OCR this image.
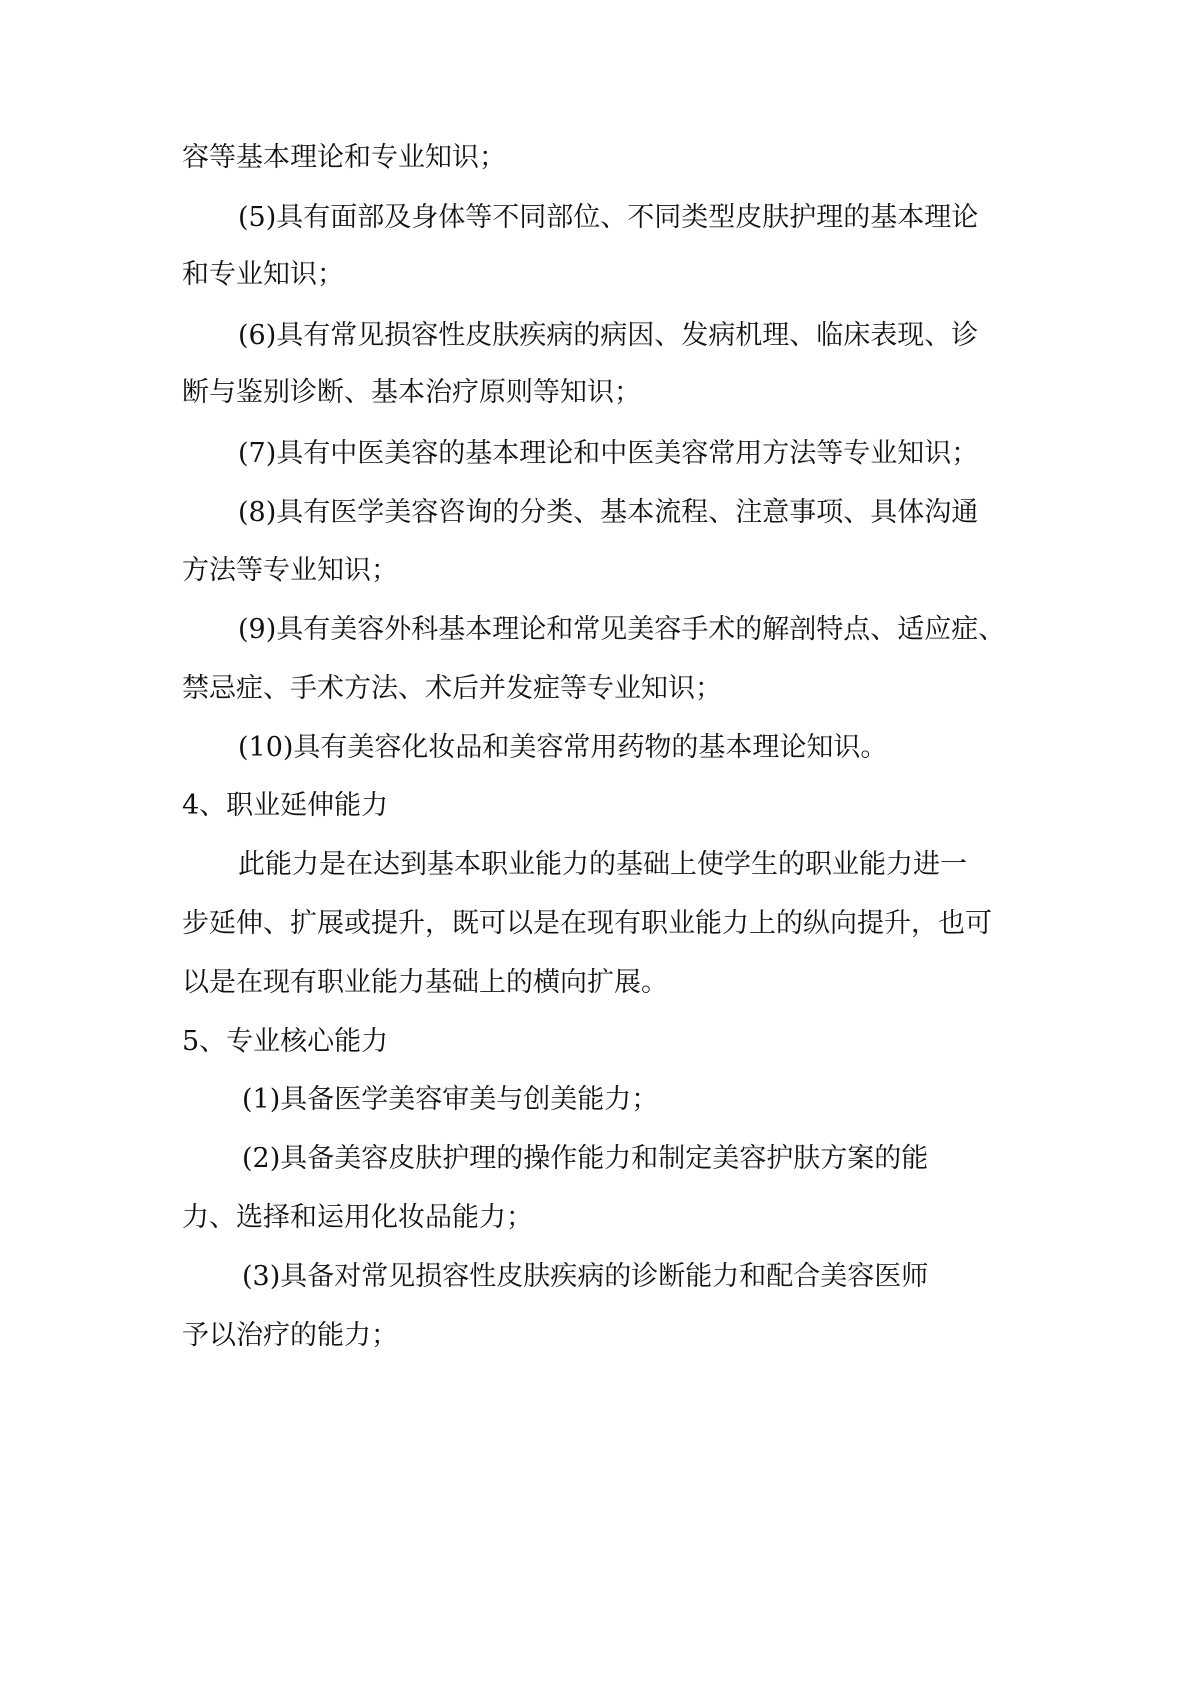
容等基本理论和专业知识；
(5)具有面部及身体等不同部位、不同类型皮肤护理的基本理论
和专业知识；
(6)具有常见损容性皮肤疾病的病因、发病机理、临床表现、诊
断与鉴别诊断、基本治疗原则等知识；
(7)具有中医美容的基本理论和中医美容常用方法等专业知识；
(8)具有医学美容咨询的分类、基本流程、注意事项、具体沟通
方法等专业知识；
(9)具有美容外科基本理论和常见美容手术的解剖特点、适应症、
禁忌症、手术方法、术后并发症等专业知识；
(10)具有美容化妆品和美容常用药物的基本理论知识。
4、职业延伸能力
此能力是在达到基本职业能力的基础上使学生的职业能力进一
步延伸、扩展或提升，既可以是在现有职业能力上的纵向提升，也可
以是在现有职业能力基础上的横向扩展。
5、专业核心能力
(1)具备医学美容审美与创美能力；
(2)具备美容皮肤护理的操作能力和制定美容护肤方案的能
力、选择和运用化妆品能力；
(3)具备对常见损容性皮肤疾病的诊断能力和配合美容医师
予以治疗的能力；
